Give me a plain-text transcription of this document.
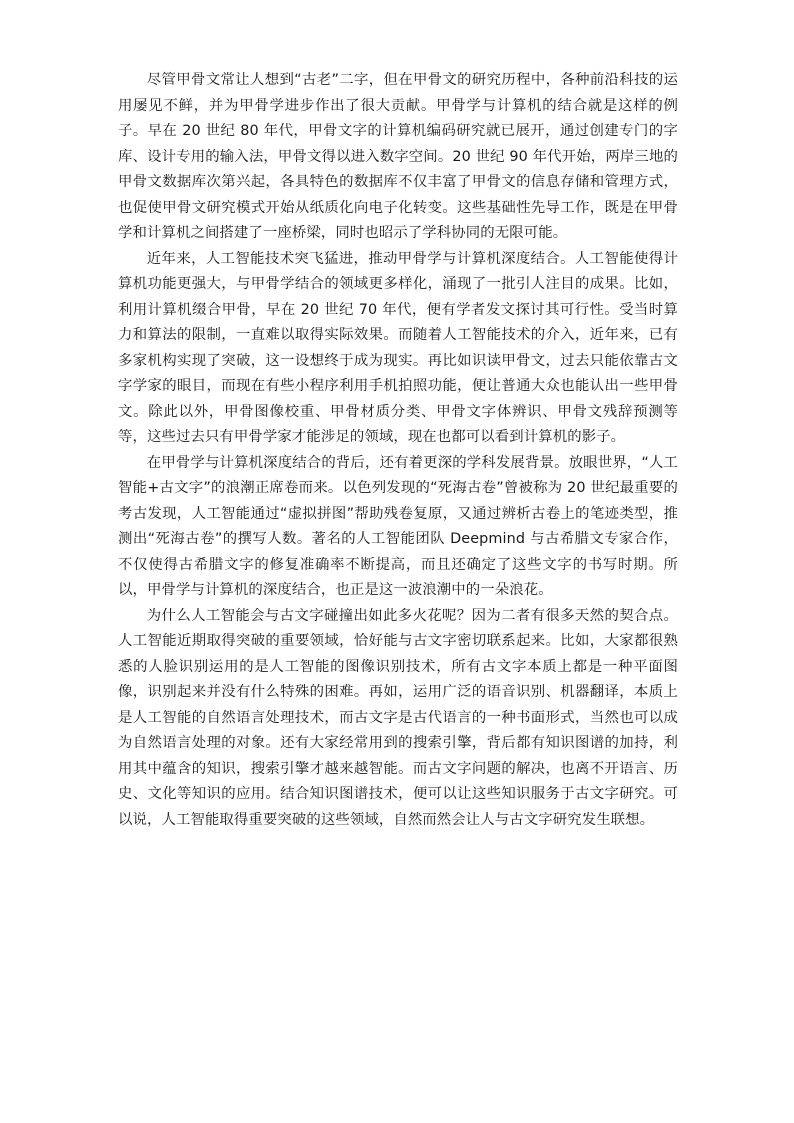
尽管甲骨文常让人想到“古老”二字，但在甲骨文的研究历程中，各种前沿科技的运用屡见不鲜，并为甲骨学进步作出了很大贡献。甲骨学与计算机的结合就是这样的例子。早在 20 世纪 80 年代，甲骨文字的计算机编码研究就已展开，通过创建专门的字库、设计专用的输入法，甲骨文得以进入数字空间。20 世纪 90 年代开始，两岸三地的甲骨文数据库次第兴起，各具特色的数据库不仅丰富了甲骨文的信息存储和管理方式，也促使甲骨文研究模式开始从纸质化向电子化转变。这些基础性先导工作，既是在甲骨学和计算机之间搭建了一座桥梁，同时也昭示了学科协同的无限可能。

近年来，人工智能技术突飞猛进，推动甲骨学与计算机深度结合。人工智能使得计算机功能更强大，与甲骨学结合的领域更多样化，涌现了一批引人注目的成果。比如，利用计算机缀合甲骨，早在 20 世纪 70 年代，便有学者发文探讨其可行性。受当时算力和算法的限制，一直难以取得实际效果。而随着人工智能技术的介入，近年来，已有多家机构实现了突破，这一设想终于成为现实。再比如识读甲骨文，过去只能依靠古文字学家的眼目，而现在有些小程序利用手机拍照功能，便让普通大众也能认出一些甲骨文。除此以外，甲骨图像校重、甲骨材质分类、甲骨文字体辨识、甲骨文残辞预测等等，这些过去只有甲骨学家才能涉足的领域，现在也都可以看到计算机的影子。

在甲骨学与计算机深度结合的背后，还有着更深的学科发展背景。放眼世界，“人工智能+古文字”的浪潮正席卷而来。以色列发现的“死海古卷”曾被称为 20 世纪最重要的考古发现，人工智能通过“虚拟拼图”帮助残卷复原，又通过辨析古卷上的笔迹类型，推测出“死海古卷”的撰写人数。著名的人工智能团队 Deepmind 与古希腊文专家合作，不仅使得古希腊文字的修复准确率不断提高，而且还确定了这些文字的书写时期。所以，甲骨学与计算机的深度结合，也正是这一波浪潮中的一朵浪花。

为什么人工智能会与古文字碰撞出如此多火花呢？因为二者有很多天然的契合点。人工智能近期取得突破的重要领域，恰好能与古文字密切联系起来。比如，大家都很熟悉的人脸识别运用的是人工智能的图像识别技术，所有古文字本质上都是一种平面图像，识别起来并没有什么特殊的困难。再如，运用广泛的语音识别、机器翻译，本质上是人工智能的自然语言处理技术，而古文字是古代语言的一种书面形式，当然也可以成为自然语言处理的对象。还有大家经常用到的搜索引擎，背后都有知识图谱的加持，利用其中蕴含的知识，搜索引擎才越来越智能。而古文字问题的解决，也离不开语言、历史、文化等知识的应用。结合知识图谱技术，便可以让这些知识服务于古文字研究。可以说，人工智能取得重要突破的这些领域，自然而然会让人与古文字研究发生联想。
